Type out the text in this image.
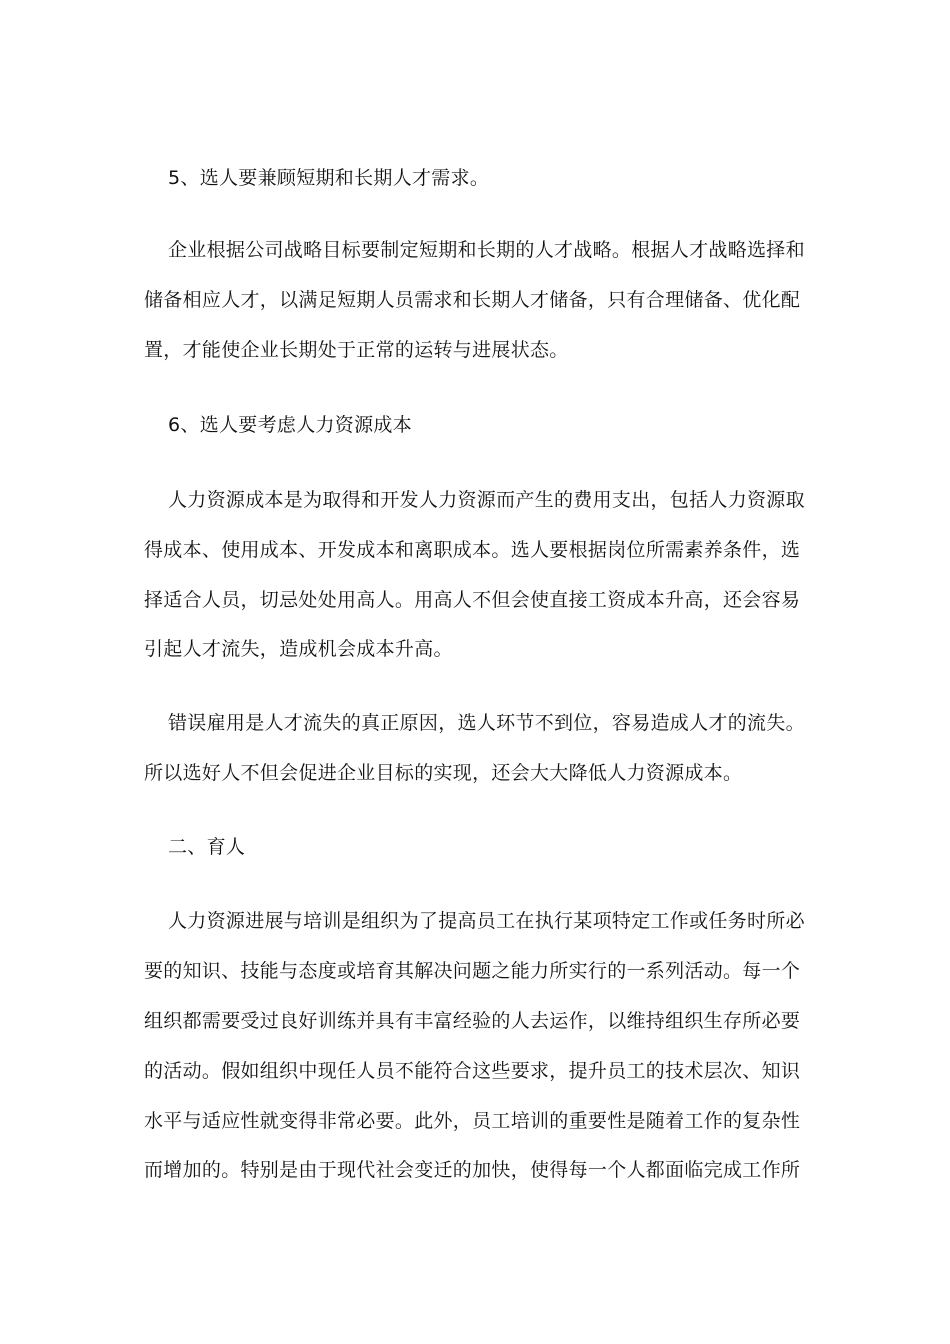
5、选人要兼顾短期和长期人才需求。
企业根据公司战略目标要制定短期和长期的人才战略。根据人才战略选择和
储备相应人才，以满足短期人员需求和长期人才储备，只有合理储备、优化配
置，才能使企业长期处于正常的运转与进展状态。
6、选人要考虑人力资源成本
人力资源成本是为取得和开发人力资源而产生的费用支出，包括人力资源取
得成本、使用成本、开发成本和离职成本。选人要根据岗位所需素养条件，选
择适合人员，切忌处处用高人。用高人不但会使直接工资成本升高，还会容易
引起人才流失，造成机会成本升高。
错误雇用是人才流失的真正原因，选人环节不到位，容易造成人才的流失。
所以选好人不但会促进企业目标的实现，还会大大降低人力资源成本。
二、育人
人力资源进展与培训是组织为了提高员工在执行某项特定工作或任务时所必
要的知识、技能与态度或培育其解决问题之能力所实行的一系列活动。每一个
组织都需要受过良好训练并具有丰富经验的人去运作，以维持组织生存所必要
的活动。假如组织中现任人员不能符合这些要求，提升员工的技术层次、知识
水平与适应性就变得非常必要。此外，员工培训的重要性是随着工作的复杂性
而增加的。特别是由于现代社会变迁的加快，使得每一个人都面临完成工作所
